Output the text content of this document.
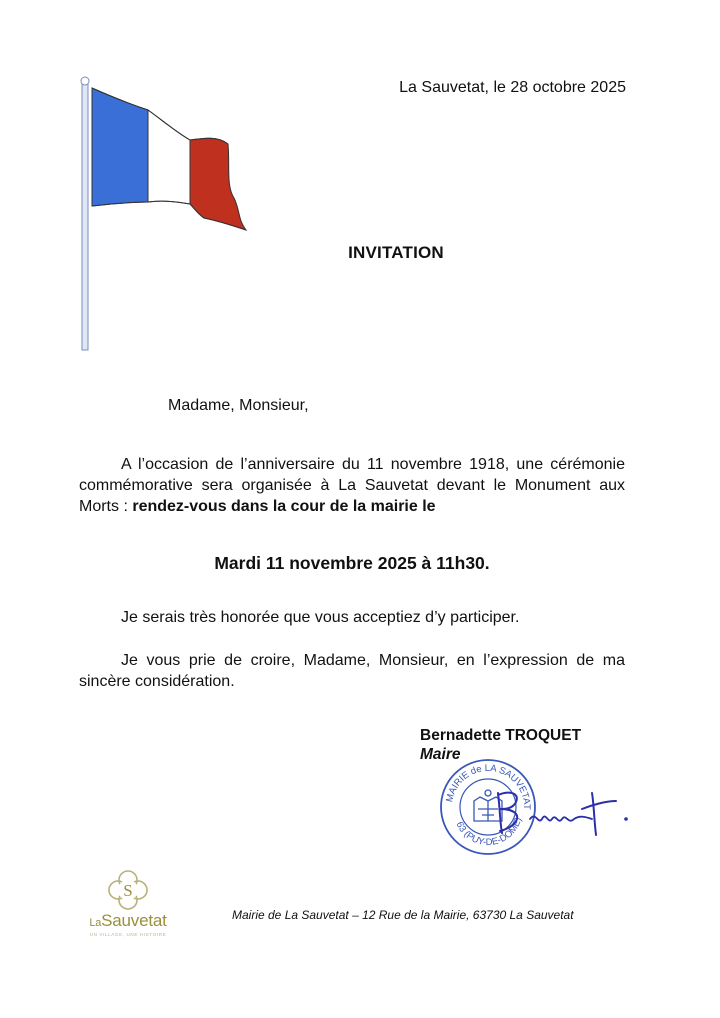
La Sauvetat, le 28 octobre 2025
INVITATION
Madame, Monsieur,

A l’occasion de l’anniversaire du 11 novembre 1918, une cérémonie commémorative sera organisée à La Sauvetat devant le Monument aux Morts : rendez-vous dans la cour de la mairie le

Mardi 11 novembre 2025 à 11h30.
Je serais très honorée que vous acceptiez d’y participer.

Je vous prie de croire, Madame, Monsieur, en l’expression de ma sincère considération.

Bernadette TROQUET
Maire
MAIRIE de LA SAUVETAT
63 (PUY-DE-DOME)
S
LaSauvetat
UN VILLAGE, UNE HISTOIRE
Mairie de La Sauvetat – 12 Rue de la Mairie, 63730 La Sauvetat
